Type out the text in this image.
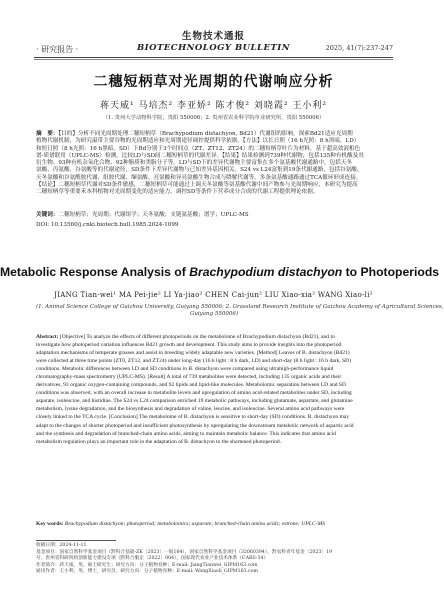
· 研究报告 ·
生物技术通报
BIOTECHNOLOGY BULLETIN	2025, 41(7):237-247
二穗短柄草对光周期的代谢响应分析
蒋天威¹ 马培杰² 李亚娇² 陈才俊² 刘晓霞² 王小利²
（1. 贵州大学动物科学院，贵阳 550006；2. 贵州省农业科学院草业研究所，贵阳 550006）
摘　要：【目的】分析不同光周期处理二穗短柄草（Brachypodium distachyon, Bd21）代谢组的影响，探索Bd21适应光周期
植物代谢机制，为研究温带主要谷物的光周期适应和光周期途径调控提供科学依据。【方法】以长日照（16 h光照：8 h黑暗，LD）
和短日照（8 h光照：16 h黑暗，SD）下Bd分别于3个时间点（ZT、ZT12、ZT24）的二穗短柄草叶片为材料，基于超高效液相色
谱-质谱联用（UPLC-MS）检测，比较LD与SD间二穗短柄草的代谢差异。【结果】结果检测到739种代谢物，包括135种有机酸及其
衍生物、93种有机杂氧化合物、92种脂质和类脂分子等。LD与SD下的差异代谢物主要富集在多个氨基酸代谢通路中，包括天冬
氨酸、丙氨酸、谷氨酸等的代谢途径，SD条件下差异代谢物与已知差异基因相关。S24 vs L24富集到19条代谢通路，包括谷氨酸、
天冬氨酸和谷氨酰胺代谢、组胺代谢、缬氨酸、亮氨酸和异亮氨酸生物合成与降解代谢等。多条氨基酸通路通过TCA循环形成连接。
【结论】二穗短柄草代谢对SD条件敏感，二穗短柄草可能通过上调天冬氨酸等氨基酸代谢中间产物参与光周期响应，本研究为提高
二穗短柄草等重要禾本科植物对光周期变化的适应能力、调控SD等条件下营养成分合成的代谢工程提供理论依据。
关键词：二穗短柄草；光周期；代谢组学；天冬氨酸；支链氨基酸；谱学；UPLC-MS
DOI: 10.13560/j.cnki.biotech.bull.1985.2024-1099
Metabolic Response Analysis of Brachypodium distachyon to Photoperiods
JIANG Tian-wei¹ MA Pei-jie² LI Ya-jiao² CHEN Cai-jun² LIU Xiao-xia² WANG Xiao-li²
(1. Animal Science College of Guizhou University, Guiyang 550006; 2. Grassland Research Institute of Guizhou Academy of Agricultural Sciences,
Guiyang 550006)
Abstract: [Objective] To analyze the effects of different photoperiods on the metabolome of Brachypodium distachyon (Bd21), and to
investigate how photoperiod variation influences Bd21 growth and development. This study aims to provide insights into the photoperiod
adaptation mechanisms of temperate grasses and assist in breeding widely adaptable new varieties. [Method] Leaves of B. distachyon (Bd21)
were collected at three time points (ZT0, ZT12, and ZT24) under long-day (16 h light : 8 h dark, LD) and short-day (8 h light : 16 h dark, SD)
conditions. Metabolic differences between LD and SD conditions in B. distachyon were compared using ultrahigh-performance liquid
chromatography-mass spectrometry (UPLC-MS). [Result] A total of 739 metabolites were detected, including 135 organic acids and their
derivatives, 93 organic oxygen-containing compounds, and 92 lipids and lipid-like molecules. Metabolomic separation between LD and SD
conditions was observed, with an overall increase in metabolite levels and upregulation of amino acid-related metabolites under SD, including
asparate, isoleucine, and histidine. The S24 vs L24 comparison enriched 19 metabolic pathways, including glutamate, aspartate, and glutamine
metabolism, lysine degradation, and the biosynthesis and degradation of valine, leucine, and isoleucine. Several amino acid pathways were
closely linked to the TCA cycle. [Conclusion] The metabolome of B. distachyon is sensitive to short-day (SD) conditions. B. distachyon may
adapt to the changes of shorter photoperiod and insufficient photosynthesis by upregulating the downstream metabolic network of aspartic acid
and the synthesis and degradation of branched-chain amino acids, aiming to maintain metabolic balance. This indicates that amino acid
metabolism regulation plays an important role in the adaptation of B. distachyon to the shortened photoperiod.
Key words: Brachypodium distachyon; photoperiod; metabolomics; asparate; branched-chain amino acids; estrone; UPLC-MS
收稿日期：2024-11-11
基金项目：国家自然科学基金项目（黔科合基础-ZK〔2023〕一般164），国家自然科学基金项目（32060394），黔农科青年基金〔2023〕19
号，贵州省科研机构创新能力建设专项（黔科合服企〔2022〕004），国家现代农业产业技术体系（CARS-34）
作者简介：蒋天威，男，硕士研究生；研究方向：分子植物育种；E-mail: JiangTianwei_GIPM163.com
通讯作者：王小利，男，博士，研究员；研究方向：分子植物育种；E-mail: WangXiaoli_GIPM163.com
